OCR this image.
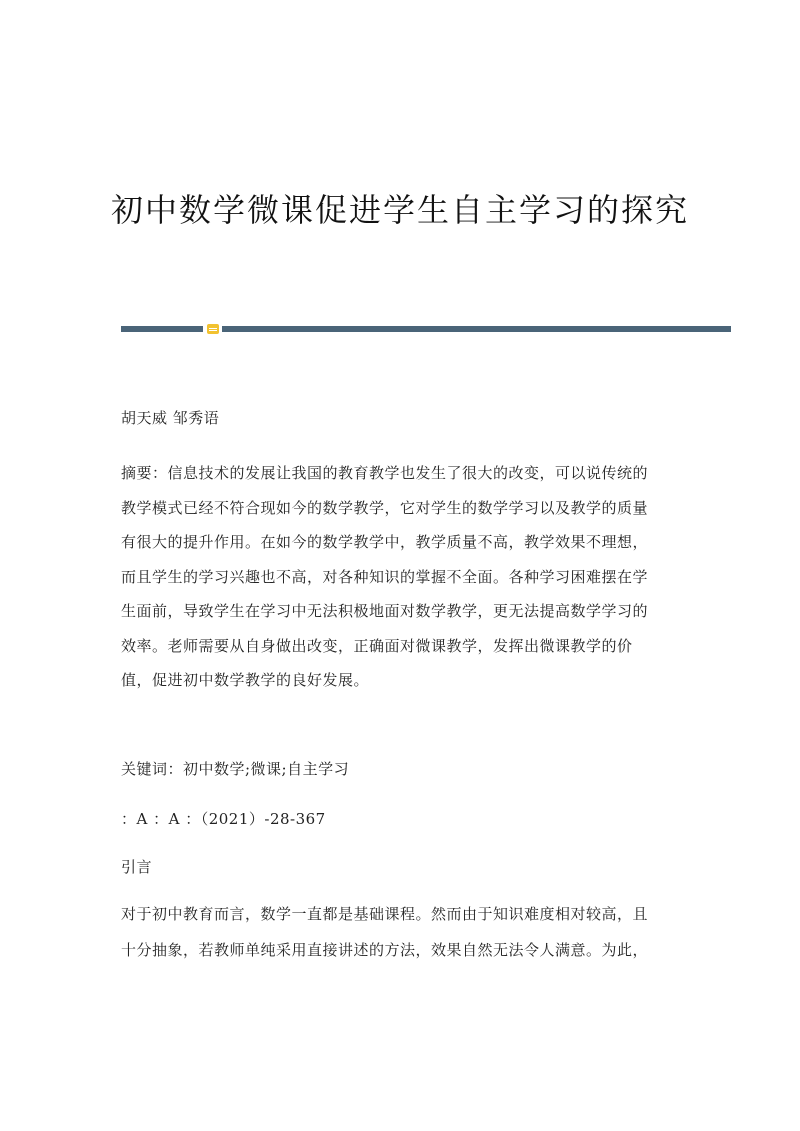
初中数学微课促进学生自主学习的探究
胡天威 邹秀语
摘要：信息技术的发展让我国的教育教学也发生了很大的改变，可以说传统的
教学模式已经不符合现如今的数学教学，它对学生的数学学习以及教学的质量
有很大的提升作用。在如今的数学教学中，教学质量不高，教学效果不理想，
而且学生的学习兴趣也不高，对各种知识的掌握不全面。各种学习困难摆在学
生面前，导致学生在学习中无法积极地面对数学教学，更无法提高数学学习的
效率。老师需要从自身做出改变，正确面对微课教学，发挥出微课教学的价
值，促进初中数学教学的良好发展。
关键词：初中数学;微课;自主学习
：A ：A ：（2021）-28-367
引言
对于初中教育而言，数学一直都是基础课程。然而由于知识难度相对较高，且
十分抽象，若教师单纯采用直接讲述的方法，效果自然无法令人满意。为此，
